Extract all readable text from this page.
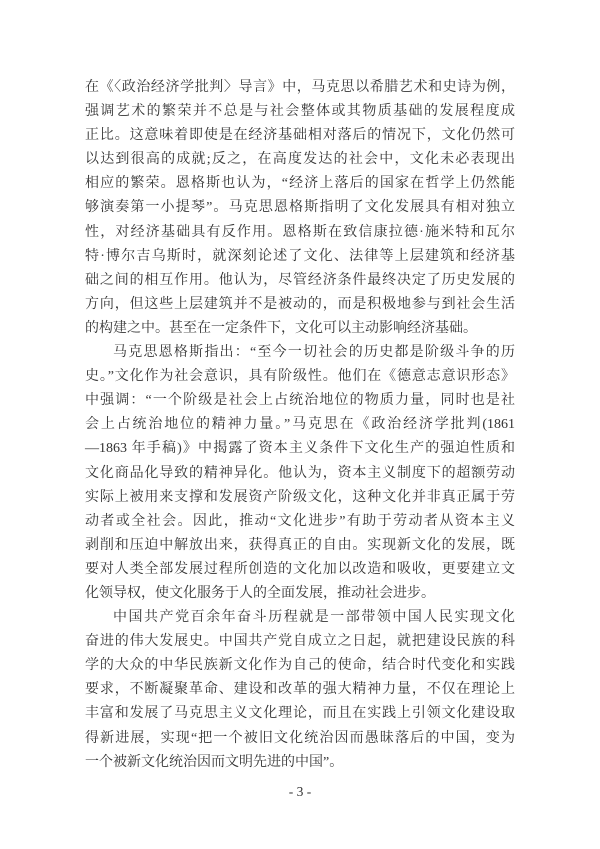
在《〈政治经济学批判〉导言》中，马克思以希腊艺术和史诗为例，
强调艺术的繁荣并不总是与社会整体或其物质基础的发展程度成
正比。这意味着即使是在经济基础相对落后的情况下，文化仍然可
以达到很高的成就;反之，在高度发达的社会中，文化未必表现出
相应的繁荣。恩格斯也认为，“经济上落后的国家在哲学上仍然能
够演奏第一小提琴”。马克思恩格斯指明了文化发展具有相对独立
性，对经济基础具有反作用。恩格斯在致信康拉德·施米特和瓦尔
特·博尔吉乌斯时，就深刻论述了文化、法律等上层建筑和经济基
础之间的相互作用。他认为，尽管经济条件最终决定了历史发展的
方向，但这些上层建筑并不是被动的，而是积极地参与到社会生活
的构建之中。甚至在一定条件下，文化可以主动影响经济基础。
马克思恩格斯指出：“至今一切社会的历史都是阶级斗争的历
史。”文化作为社会意识，具有阶级性。他们在《德意志意识形态》
中强调：“一个阶级是社会上占统治地位的物质力量，同时也是社
会上占统治地位的精神力量。”马克思在《政治经济学批判(1861
—1863 年手稿)》中揭露了资本主义条件下文化生产的强迫性质和
文化商品化导致的精神异化。他认为，资本主义制度下的超额劳动
实际上被用来支撑和发展资产阶级文化，这种文化并非真正属于劳
动者或全社会。因此，推动“文化进步”有助于劳动者从资本主义
剥削和压迫中解放出来，获得真正的自由。实现新文化的发展，既
要对人类全部发展过程所创造的文化加以改造和吸收，更要建立文
化领导权，使文化服务于人的全面发展，推动社会进步。
中国共产党百余年奋斗历程就是一部带领中国人民实现文化
奋进的伟大发展史。中国共产党自成立之日起，就把建设民族的科
学的大众的中华民族新文化作为自己的使命，结合时代变化和实践
要求，不断凝聚革命、建设和改革的强大精神力量，不仅在理论上
丰富和发展了马克思主义文化理论，而且在实践上引领文化建设取
得新进展，实现“把一个被旧文化统治因而愚昧落后的中国，变为
一个被新文化统治因而文明先进的中国”。
- 3 -
